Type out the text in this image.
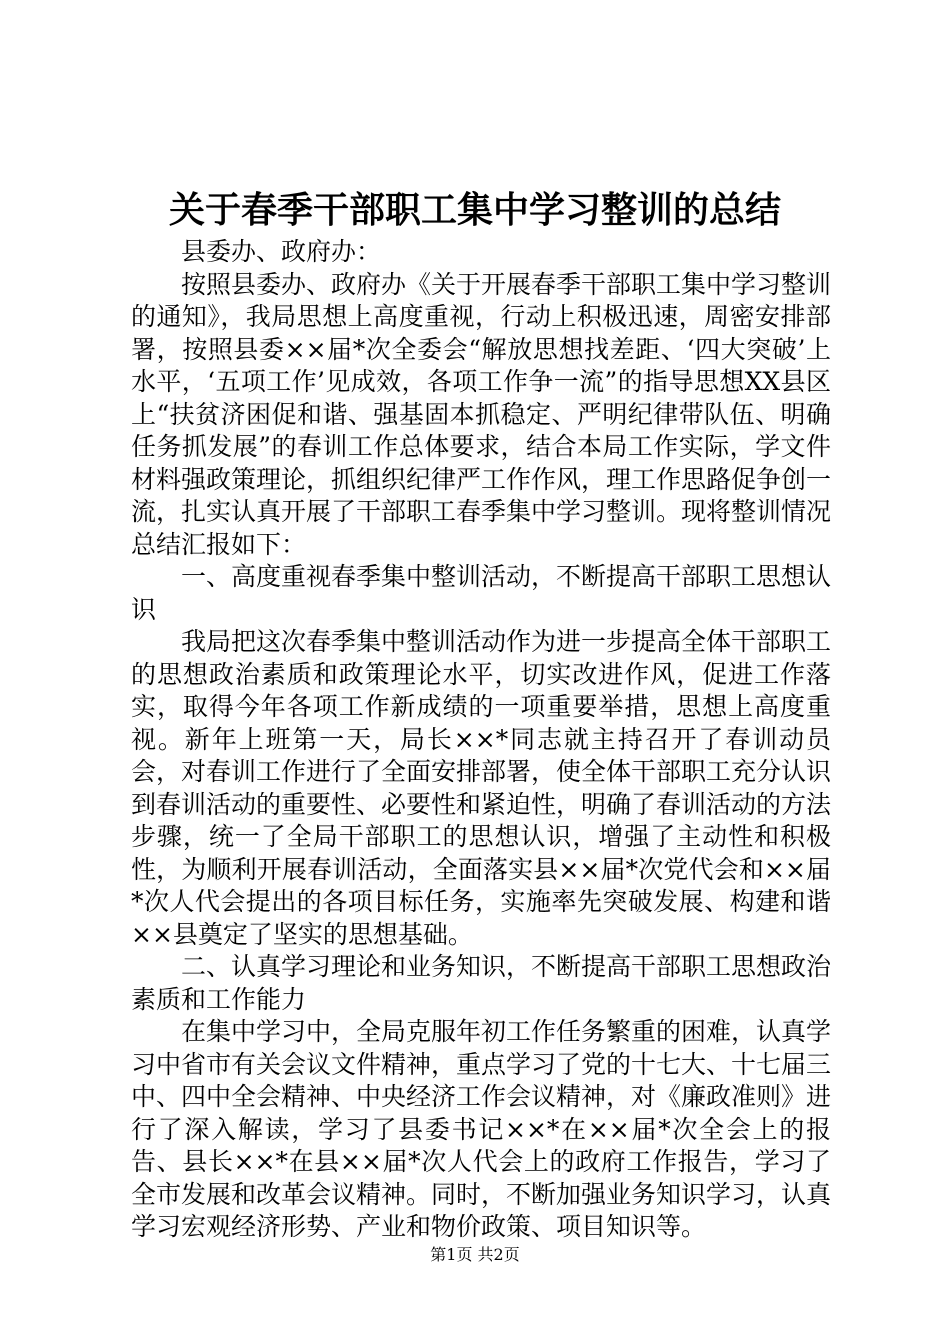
关于春季干部职工集中学习整训的总结

县委办、政府办：

按照县委办、政府办《关于开展春季干部职工集中学习整训的通知》，我局思想上高度重视，行动上积极迅速，周密安排部署，按照县委××届*次全委会“解放思想找差距、‘四大突破’上水平，‘五项工作’见成效，各项工作争一流”的指导思想XX县区上“扶贫济困促和谐、强基固本抓稳定、严明纪律带队伍、明确任务抓发展”的春训工作总体要求，结合本局工作实际，学文件材料强政策理论，抓组织纪律严工作作风，理工作思路促争创一流，扎实认真开展了干部职工春季集中学习整训。现将整训情况总结汇报如下：

一、高度重视春季集中整训活动，不断提高干部职工思想认识

我局把这次春季集中整训活动作为进一步提高全体干部职工的思想政治素质和政策理论水平，切实改进作风，促进工作落实，取得今年各项工作新成绩的一项重要举措，思想上高度重视。新年上班第一天，局长××*同志就主持召开了春训动员会，对春训工作进行了全面安排部署，使全体干部职工充分认识到春训活动的重要性、必要性和紧迫性，明确了春训活动的方法步骤，统一了全局干部职工的思想认识，增强了主动性和积极性，为顺利开展春训活动，全面落实县××届*次党代会和××届*次人代会提出的各项目标任务，实施率先突破发展、构建和谐××县奠定了坚实的思想基础。

二、认真学习理论和业务知识，不断提高干部职工思想政治素质和工作能力

在集中学习中，全局克服年初工作任务繁重的困难，认真学习中省市有关会议文件精神，重点学习了党的十七大、十七届三中、四中全会精神、中央经济工作会议精神，对《廉政准则》进行了深入解读，学习了县委书记××*在××届*次全会上的报告、县长××*在县××届*次人代会上的政府工作报告，学习了全市发展和改革会议精神。同时，不断加强业务知识学习，认真学习宏观经济形势、产业和物价政策、项目知识等。

第1页 共2页
